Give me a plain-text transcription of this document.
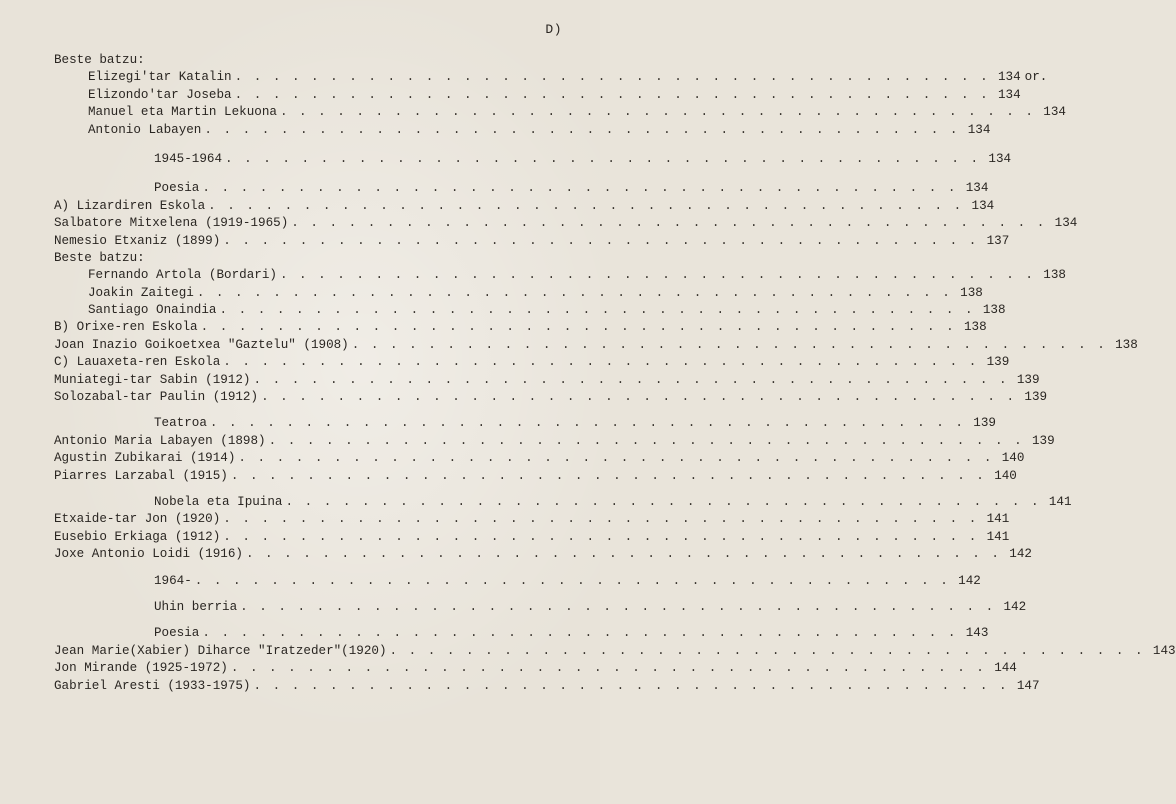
D)
Beste batzu:
Elizegi'tar Katalin . . . . . . . . . . . . . . . . . . . . . . . . . . . . . . . . . . . . . . . . 134 or.
Elizondo'tar Joseba . . . . . . . . . . . . . . . . . . . . . . . . . . . . . . . . . . . . . . . . 134
Manuel eta Martin Lekuona . . . . . . . . . . . . . . . . . . . . . . . . . . . . . . . . . . . . . . . . 134
Antonio Labayen . . . . . . . . . . . . . . . . . . . . . . . . . . . . . . . . . . . . . . . . 134
1945-1964 . . . . . . . . . . . . . . . . . . . . . . . . . . . . . . . . . . . . . . . . 134
Poesia . . . . . . . . . . . . . . . . . . . . . . . . . . . . . . . . . . . . . . . . 134
A) Lizardiren Eskola . . . . . . . . . . . . . . . . . . . . . . . . . . . . . . . . . . . . . . . . 134
Salbatore Mitxelena (1919-1965) . . . . . . . . . . . . . . . . . . . . . . . . . . . . . . . . . . . . . . . . 134
Nemesio Etxaniz (1899) . . . . . . . . . . . . . . . . . . . . . . . . . . . . . . . . . . . . . . . . 137
Beste batzu:
Fernando Artola (Bordari) . . . . . . . . . . . . . . . . . . . . . . . . . . . . . . . . . . . . . . . . 138
Joakin Zaitegi . . . . . . . . . . . . . . . . . . . . . . . . . . . . . . . . . . . . . . . . 138
Santiago Onaindia . . . . . . . . . . . . . . . . . . . . . . . . . . . . . . . . . . . . . . . . 138
B) Orixe-ren Eskola . . . . . . . . . . . . . . . . . . . . . . . . . . . . . . . . . . . . . . . . 138
Joan Inazio Goikoetxea "Gaztelu" (1908) . . . . . . . . . . . . . . . . . . . . . . . . . . . . . . . . . . . . . . . . 138
C) Lauaxeta-ren Eskola . . . . . . . . . . . . . . . . . . . . . . . . . . . . . . . . . . . . . . . . 139
Muniategi-tar Sabin (1912) . . . . . . . . . . . . . . . . . . . . . . . . . . . . . . . . . . . . . . . . 139
Solozabal-tar Paulin (1912) . . . . . . . . . . . . . . . . . . . . . . . . . . . . . . . . . . . . . . . . 139
Teatroa . . . . . . . . . . . . . . . . . . . . . . . . . . . . . . . . . . . . . . . . 139
Antonio Maria Labayen (1898) . . . . . . . . . . . . . . . . . . . . . . . . . . . . . . . . . . . . . . . . 139
Agustin Zubikarai (1914) . . . . . . . . . . . . . . . . . . . . . . . . . . . . . . . . . . . . . . . . 140
Piarres Larzabal (1915) . . . . . . . . . . . . . . . . . . . . . . . . . . . . . . . . . . . . . . . . 140
Nobela eta Ipuina . . . . . . . . . . . . . . . . . . . . . . . . . . . . . . . . . . . . . . . . 141
Etxaide-tar Jon (1920) . . . . . . . . . . . . . . . . . . . . . . . . . . . . . . . . . . . . . . . . 141
Eusebio Erkiaga (1912) . . . . . . . . . . . . . . . . . . . . . . . . . . . . . . . . . . . . . . . . 141
Joxe Antonio Loidi (1916) . . . . . . . . . . . . . . . . . . . . . . . . . . . . . . . . . . . . . . . . 142
1964- . . . . . . . . . . . . . . . . . . . . . . . . . . . . . . . . . . . . . . . . 142
Uhin berria . . . . . . . . . . . . . . . . . . . . . . . . . . . . . . . . . . . . . . . . 142
Poesia . . . . . . . . . . . . . . . . . . . . . . . . . . . . . . . . . . . . . . . . 143
Jean Marie(Xabier) Diharce "Iratzeder"(1920) . . . . . . . . . . . . . . . . . . . . . . . . . . . . . . . . . . . . . . . . 143
Jon Mirande (1925-1972) . . . . . . . . . . . . . . . . . . . . . . . . . . . . . . . . . . . . . . . . 144
Gabriel Aresti (1933-1975) . . . . . . . . . . . . . . . . . . . . . . . . . . . . . . . . . . . . . . . . 147
